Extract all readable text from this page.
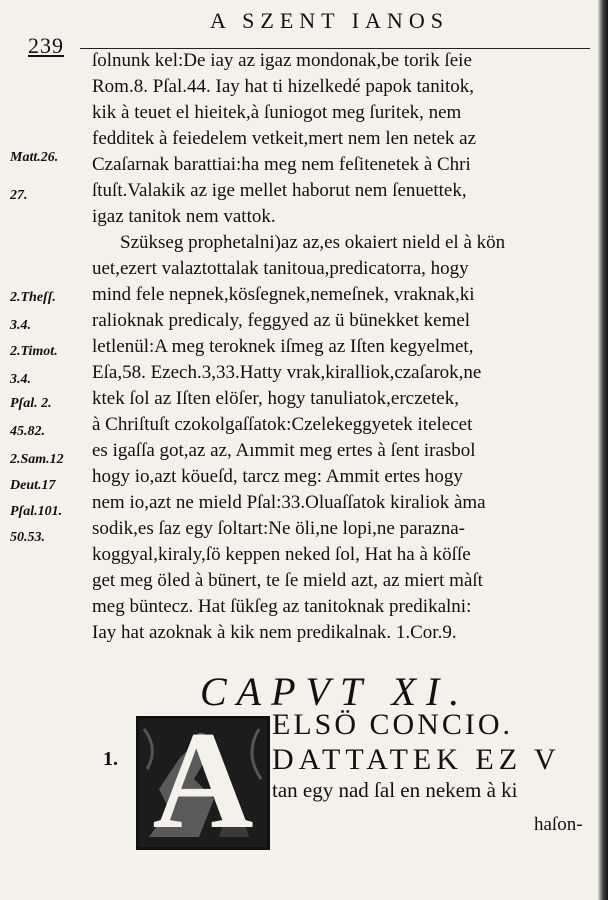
239
A SZENT IANOS
Matt.26.
27.
2.Theſſ.
3.4.
2.Timot.
3.4.
Pſal. 2.
45.82.
2.Sam.12
Deut.17
Pſal.101.
50.53.
ſolnunk kel:De iay az igaz mondonak,be torik ſeie
Rom.8. Pſal.44. Iay hat ti hizelkedé papok tanitok,
kik à teuet el hieitek,à ſuniogot meg ſuritek, nem
fedditek à feiedelem vetkeit,mert nem len netek az
Czaſarnak barattiai:ha meg nem feſitenetek à Chri
ſtuſt.Valakik az ige mellet haborut nem ſenuettek,
igaz tanitok nem vattok.
Szükseg prophetalni)az az,es okaiert nield el à kön
uet,ezert valaztottalak tanitoua,predicatorra, hogy
mind fele nepnek,kösſegnek,nemeſnek, vraknak,ki
ralioknak predicaly, feggyed az ü bünekket kemel
letlenül:A meg teroknek iſmeg az Iſten kegyelmet,
Eſa,58. Ezech.3,33.Hatty vrak,kiralliok,czaſarok,ne
ktek ſol az Iſten elöſer, hogy tanuliatok,erczetek,
à Chriſtuſt czokolgaſſatok:Czelekeggyetek itelecet
es igaſſa got,az az, Aımmit meg ertes à ſent irasbol
hogy io,azt köueſd, tarcz meg: Ammit ertes hogy
nem io,azt ne mield Pſal:33.Oluaſſatok kiraliok àma
sodik,es ſaz egy ſoltart:Ne öli,ne lopi,ne parazna-
koggyal,kiraly,ſö keppen neked ſol, Hat ha à köſſe
get meg öled à bünert, te ſe mield azt, az miert màſt
meg büntecz. Hat ſükſeg az tanitoknak predikalni:
Iay hat azoknak à kik nem predikalnak. 1.Cor.9.
CAPVT XI.
1. A ELSÖ CONCIO.
DATTATEK EZ V
tan egy nad ſal en nekem à ki
haſon-
